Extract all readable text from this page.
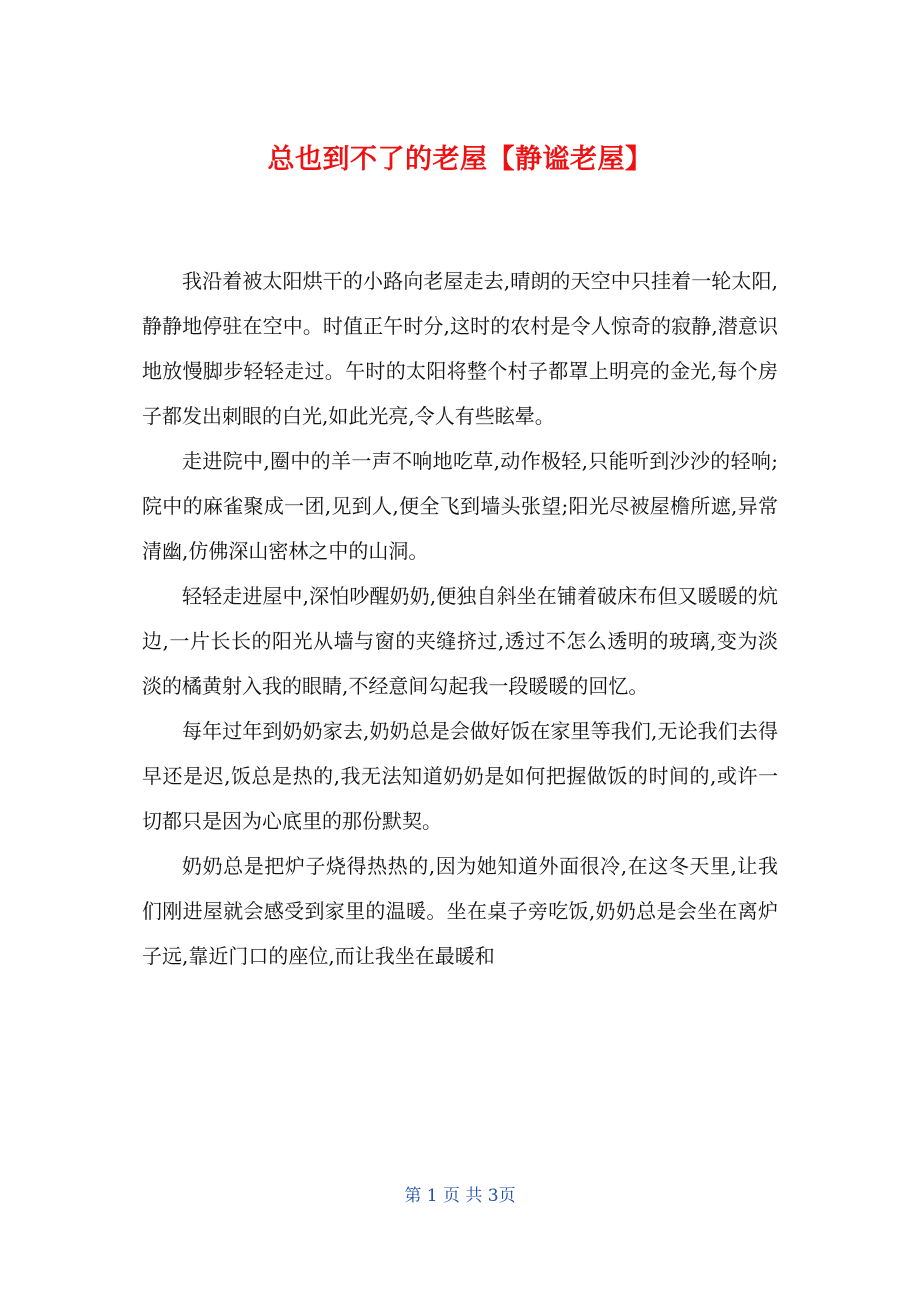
总也到不了的老屋【静谧老屋】

我沿着被太阳烘干的小路向老屋走去,晴朗的天空中只挂着一轮太阳,静静地停驻在空中。时值正午时分,这时的农村是令人惊奇的寂静,潜意识地放慢脚步轻轻走过。午时的太阳将整个村子都罩上明亮的金光,每个房子都发出刺眼的白光,如此光亮,令人有些眩晕。

走进院中,圈中的羊一声不响地吃草,动作极轻,只能听到沙沙的轻响;院中的麻雀聚成一团,见到人,便全飞到墙头张望;阳光尽被屋檐所遮,异常清幽,仿佛深山密林之中的山洞。

轻轻走进屋中,深怕吵醒奶奶,便独自斜坐在铺着破床布但又暖暖的炕边,一片长长的阳光从墙与窗的夹缝挤过,透过不怎么透明的玻璃,变为淡淡的橘黄射入我的眼睛,不经意间勾起我一段暖暖的回忆。

每年过年到奶奶家去,奶奶总是会做好饭在家里等我们,无论我们去得早还是迟,饭总是热的,我无法知道奶奶是如何把握做饭的时间的,或许一切都只是因为心底里的那份默契。

奶奶总是把炉子烧得热热的,因为她知道外面很冷,在这冬天里,让我们刚进屋就会感受到家里的温暖。坐在桌子旁吃饭,奶奶总是会坐在离炉子远,靠近门口的座位,而让我坐在最暖和

第 1 页 共 3页
